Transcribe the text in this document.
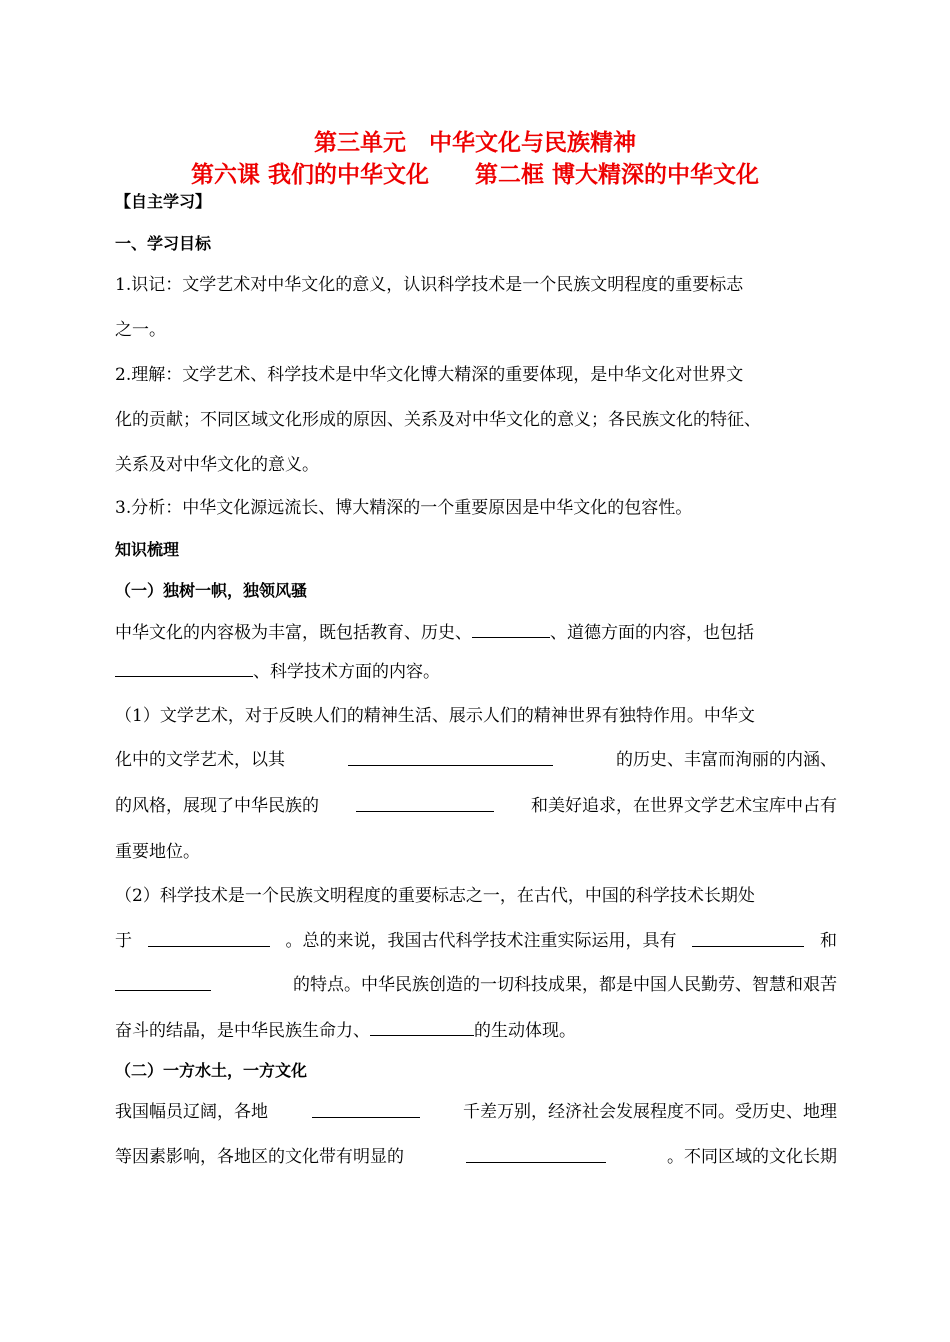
第三单元　中华文化与民族精神
第六课 我们的中华文化　　第二框 博大精深的中华文化
【自主学习】
一、学习目标
1.识记：文学艺术对中华文化的意义，认识科学技术是一个民族文明程度的重要标志
之一。
2.理解：文学艺术、科学技术是中华文化博大精深的重要体现，是中华文化对世界文
化的贡献；不同区域文化形成的原因、关系及对中华文化的意义；各民族文化的特征、
关系及对中华文化的意义。
3.分析：中华文化源远流长、博大精深的一个重要原因是中华文化的包容性。
知识梳理
（一）独树一帜，独领风骚
中华文化的内容极为丰富，既包括教育、历史、	、道德方面的内容，也包括
、科学技术方面的内容。
（1）文学艺术，对于反映人们的精神生活、展示人们的精神世界有独特作用。中华文
化中的文学艺术，以其	的历史、丰富而洵丽的内涵、
的风格，展现了中华民族的	和美好追求，在世界文学艺术宝库中占有
重要地位。
（2）科学技术是一个民族文明程度的重要标志之一，在古代，中国的科学技术长期处
于	。总的来说，我国古代科学技术注重实际运用，具有	和
的特点。中华民族创造的一切科技成果，都是中国人民勤劳、智慧和艰苦
奋斗的结晶，是中华民族生命力、	的生动体现。
（二）一方水土，一方文化
我国幅员辽阔，各地	千差万别，经济社会发展程度不同。受历史、地理
等因素影响，各地区的文化带有明显的	。不同区域的文化长期
